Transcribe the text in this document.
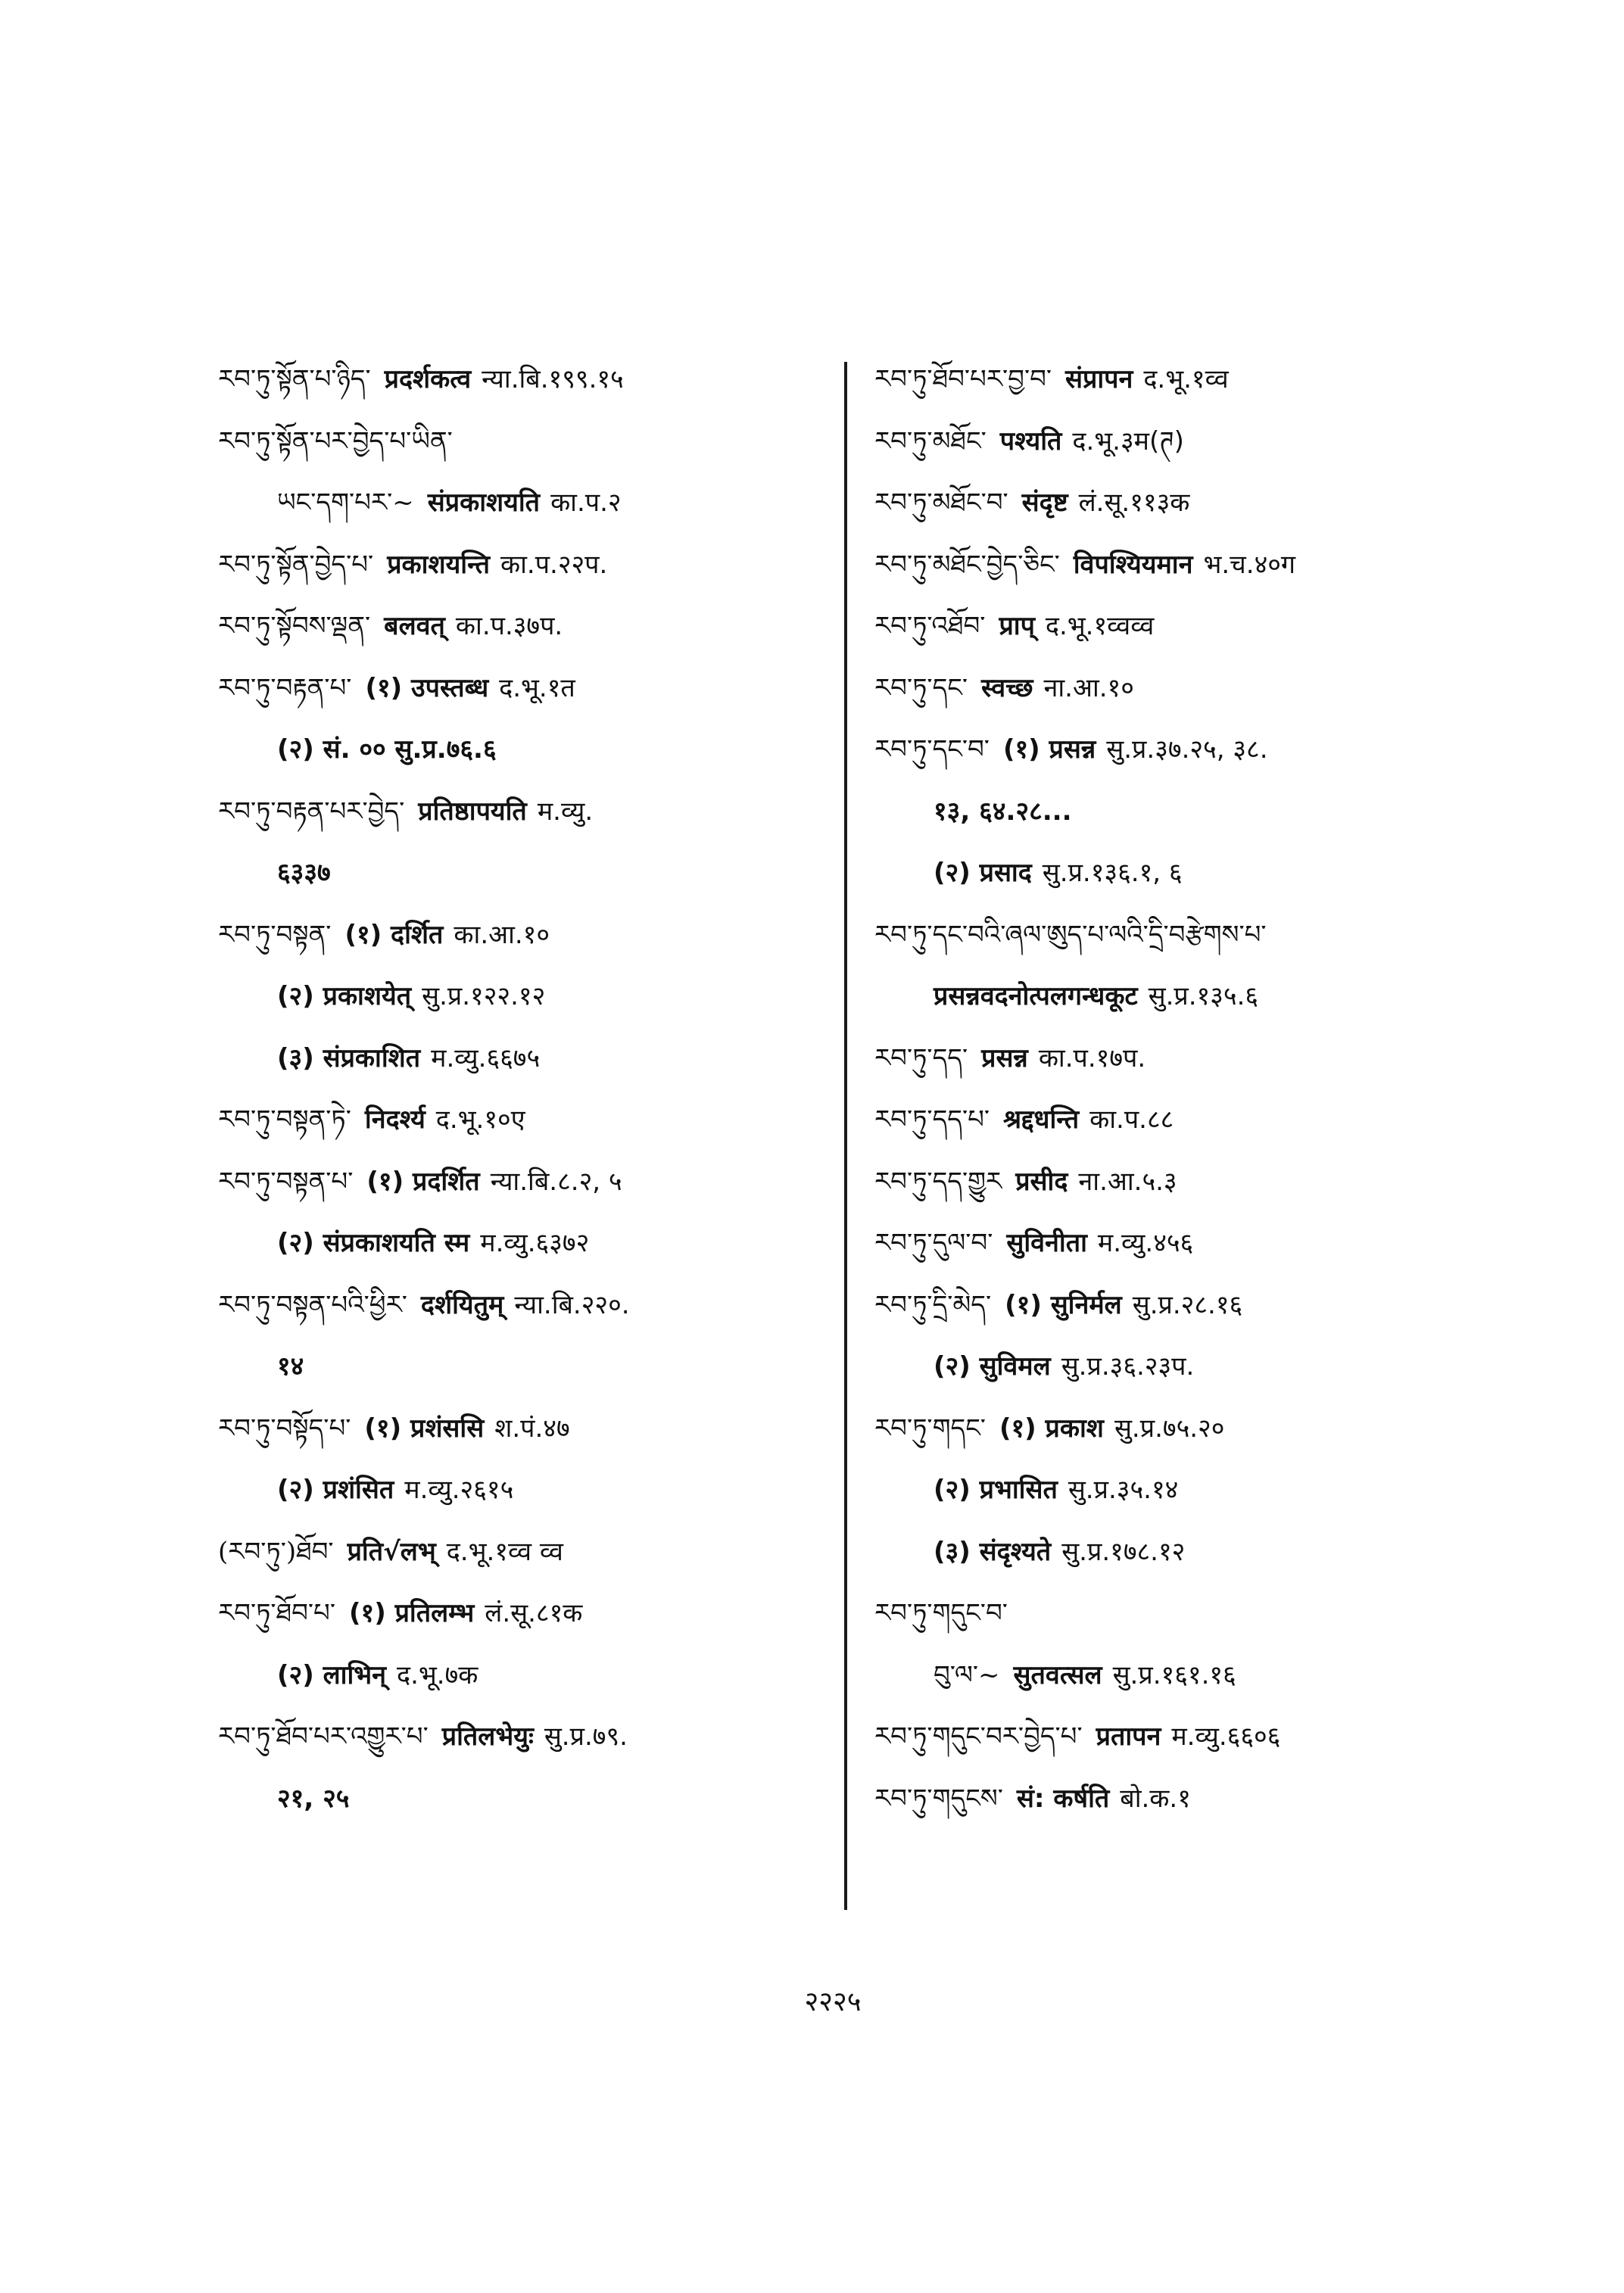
རབ་ཏུ་སྟོན་པ་ཉིད་ प्रदर्शकत्व न्या.बि.१९९.१५
རབ་ཏུ་སྟོན་པར་བྱེད་པ་ཡིན་
ཡང་དག་པར་~ संप्रकाशयति का.प.२
རབ་ཏུ་སྟོན་བྱེད་པ་ प्रकाशयन्ति का.प.२२प.
རབ་ཏུ་སྟོབས་ལྡན་ बलवत् का.प.३७प.
རབ་ཏུ་བརྟན་པ་ (१) उपस्तब्ध द.भू.१त
(२) सं. ०० सु.प्र.७६.६
རབ་ཏུ་བརྟན་པར་བྱེད་ प्रतिष्ठापयति म.व्यु.
६३३७
རབ་ཏུ་བསྟན་ (१) दर्शित का.आ.१०
(२) प्रकाशयेत् सु.प्र.१२२.१२
(३) संप्रकाशित म.व्यु.६६७५
རབ་ཏུ་བསྟན་ཏེ་ निदर्श्य द.भू.१०ए
རབ་ཏུ་བསྟན་པ་ (१) प्रदर्शित न्या.बि.८.२, ५
(२) संप्रकाशयति स्म म.व्यु.६३७२
རབ་ཏུ་བསྟན་པའི་ཕྱིར་ दर्शयितुम् न्या.बि.२२०.
१४
རབ་ཏུ་བསྟོད་པ་ (१) प्रशंससि श.पं.४७
(२) प्रशंसित म.व्यु.२६१५
(རབ་ཏུ་)ཐོབ་ प्रति√लभ् द.भू.१व्व व्व
རབ་ཏུ་ཐོབ་པ་ (१) प्रतिलम्भ लं.सू.८१क
(२) लाभिन् द.भू.७क
རབ་ཏུ་ཐོབ་པར་འགྱུར་པ་ प्रतिलभेयुः सु.प्र.७९.
२१, २५
རབ་ཏུ་ཐོབ་པར་བྱ་བ་ संप्रापन द.भू.१व्व
རབ་ཏུ་མཐོང་ पश्यति द.भू.३म(ཊ)
རབ་ཏུ་མཐོང་བ་ संदृष्ट लं.सू.११३क
རབ་ཏུ་མཐོང་བྱེད་ཅིང་ विपश्यियमान भ.च.४०ग
རབ་ཏུ་འཐོབ་ प्राप् द.भू.१व्वव्व
རབ་ཏུ་དང་ स्वच्छ ना.आ.१०
རབ་ཏུ་དང་བ་ (१) प्रसन्न सु.प्र.३७.२५, ३८.
१३, ६४.२८...
(२) प्रसाद सु.प्र.१३६.१, ६
རབ་ཏུ་དང་བའི་ཞལ་ཨུད་པ་ལའི་དྲི་བརྩེགས་པ་
प्रसन्नवदनोत्पलगन्धकूट सु.प्र.१३५.६
རབ་ཏུ་དད་ प्रसन्न का.प.१७प.
རབ་ཏུ་དད་པ་ श्रद्दधन्ति का.प.८८
རབ་ཏུ་དད་གྱུར प्रसीद ना.आ.५.३
རབ་ཏུ་དུལ་བ་ सुविनीता म.व्यु.४५६
རབ་ཏུ་དྲི་མེད་ (१) सुनिर्मल सु.प्र.२८.१६
(२) सुविमल सु.प्र.३६.२३प.
རབ་ཏུ་གདང་ (१) प्रकाश सु.प्र.७५.२०
(२) प्रभासित सु.प्र.३५.१४
(३) संदृश्यते सु.प्र.१७८.१२
རབ་ཏུ་གདུང་བ་
བུ་ལ་~ सुतवत्सल सु.प्र.१६१.१६
རབ་ཏུ་གདུང་བར་བྱེད་པ་ प्रतापन म.व्यु.६६०६
རབ་ཏུ་གདུངས་ सं: कर्षति बो.क.१
२२२५
